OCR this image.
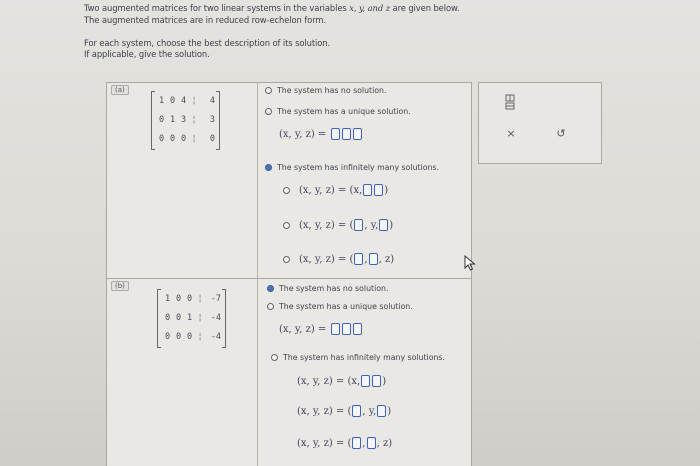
Two augmented matrices for two linear systems in the variables x, y, and z are given below.
The augmented matrices are in reduced row-echelon form.
For each system, choose the best description of its solution.
If applicable, give the solution.
(a)
1 0 4 ¦	4
0 1 3 ¦	3
0 0 0 ¦	0
The system has no solution.
The system has a unique solution.
(x, y, z) =

The system has infinitely many solutions.
(x, y, z) =
(x, )
(x, y, z) =
( , y, )
(x, y, z) =
( , , z)
(b)
1 0 0 ¦ -7
0 0 1 ¦ -4
0 0 0 ¦ -4
The system has no solution.
The system has a unique solution.
(x, y, z) =

The system has infinitely many solutions.
(x, y, z) =
(x, )
(x, y, z) =
( , y, )
(x, y, z) =
( , , z)
×	↺
